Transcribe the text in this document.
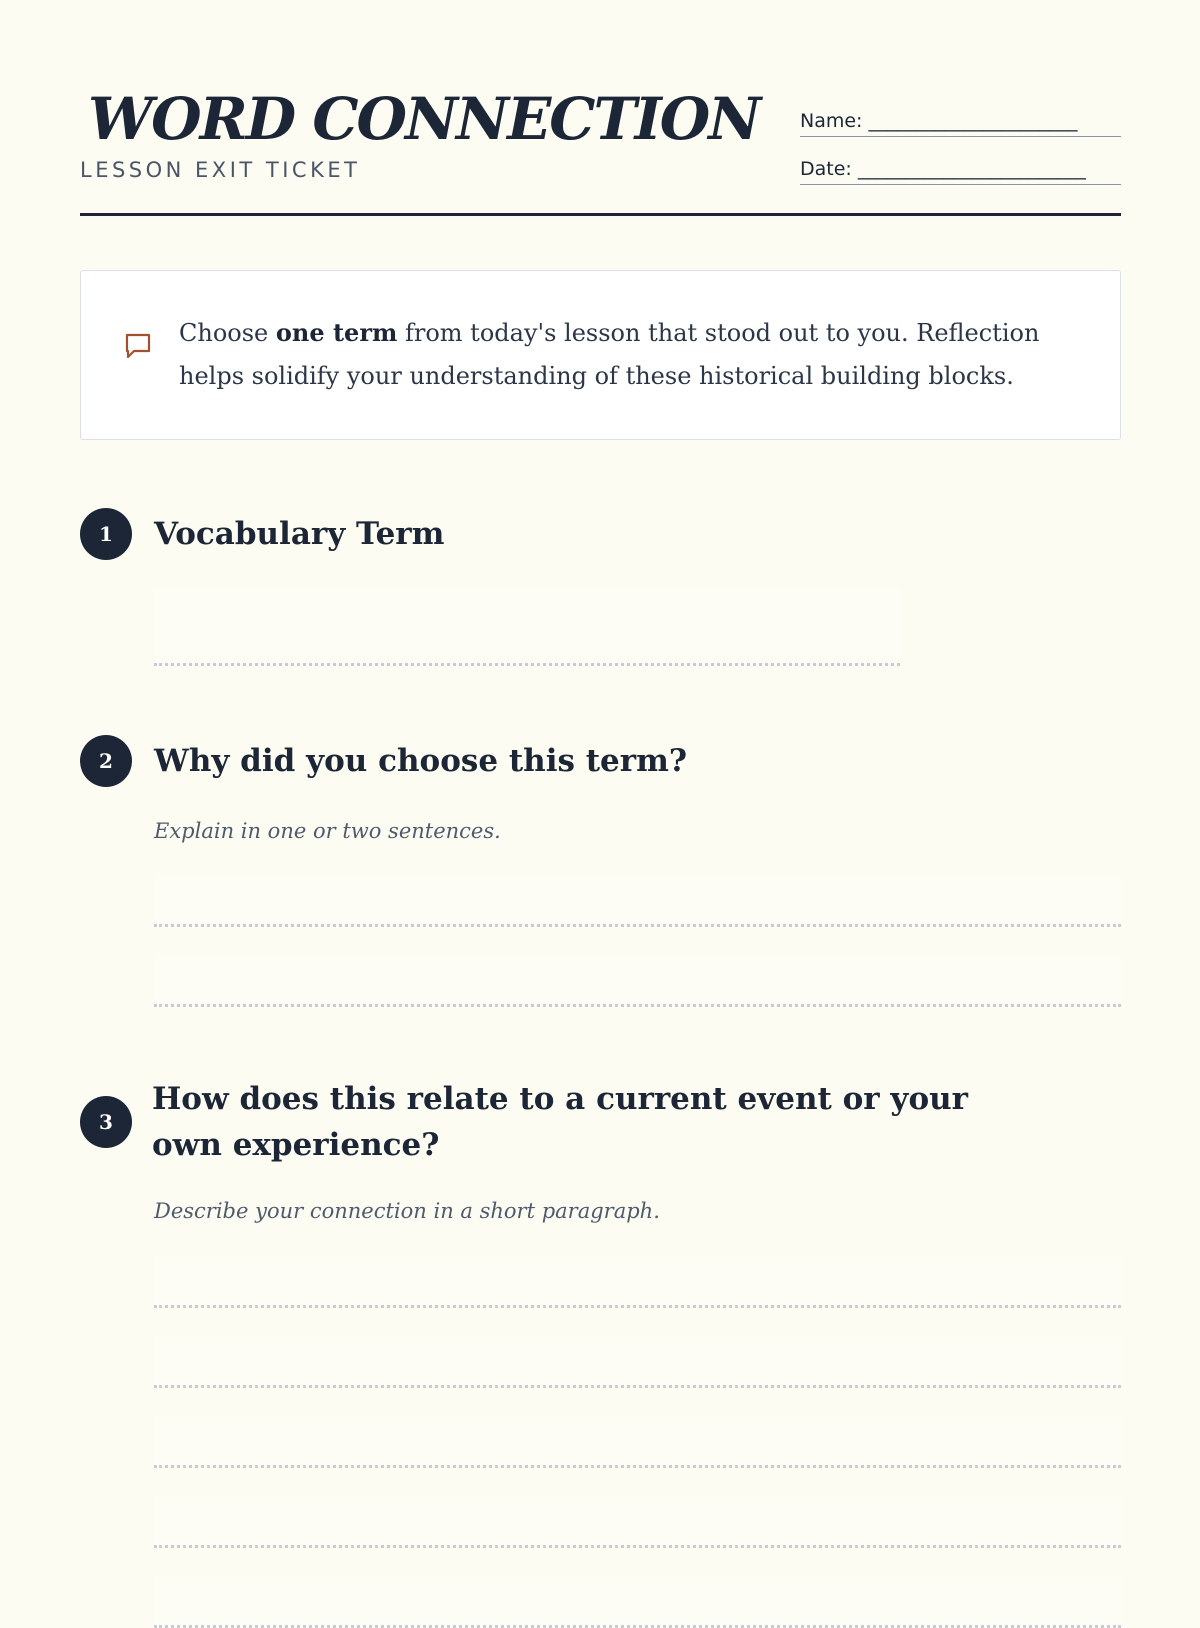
WORD CONNECTION
LESSON EXIT TICKET
Name: ______________________
Date: ________________________
Choose one term from today's lesson that stood out to you. Reflection helps solidify your understanding of these historical building blocks.
1	Vocabulary Term
2	Why did you choose this term?
Explain in one or two sentences.
3
How does this relate to a current event or your own experience?
Describe your connection in a short paragraph.
